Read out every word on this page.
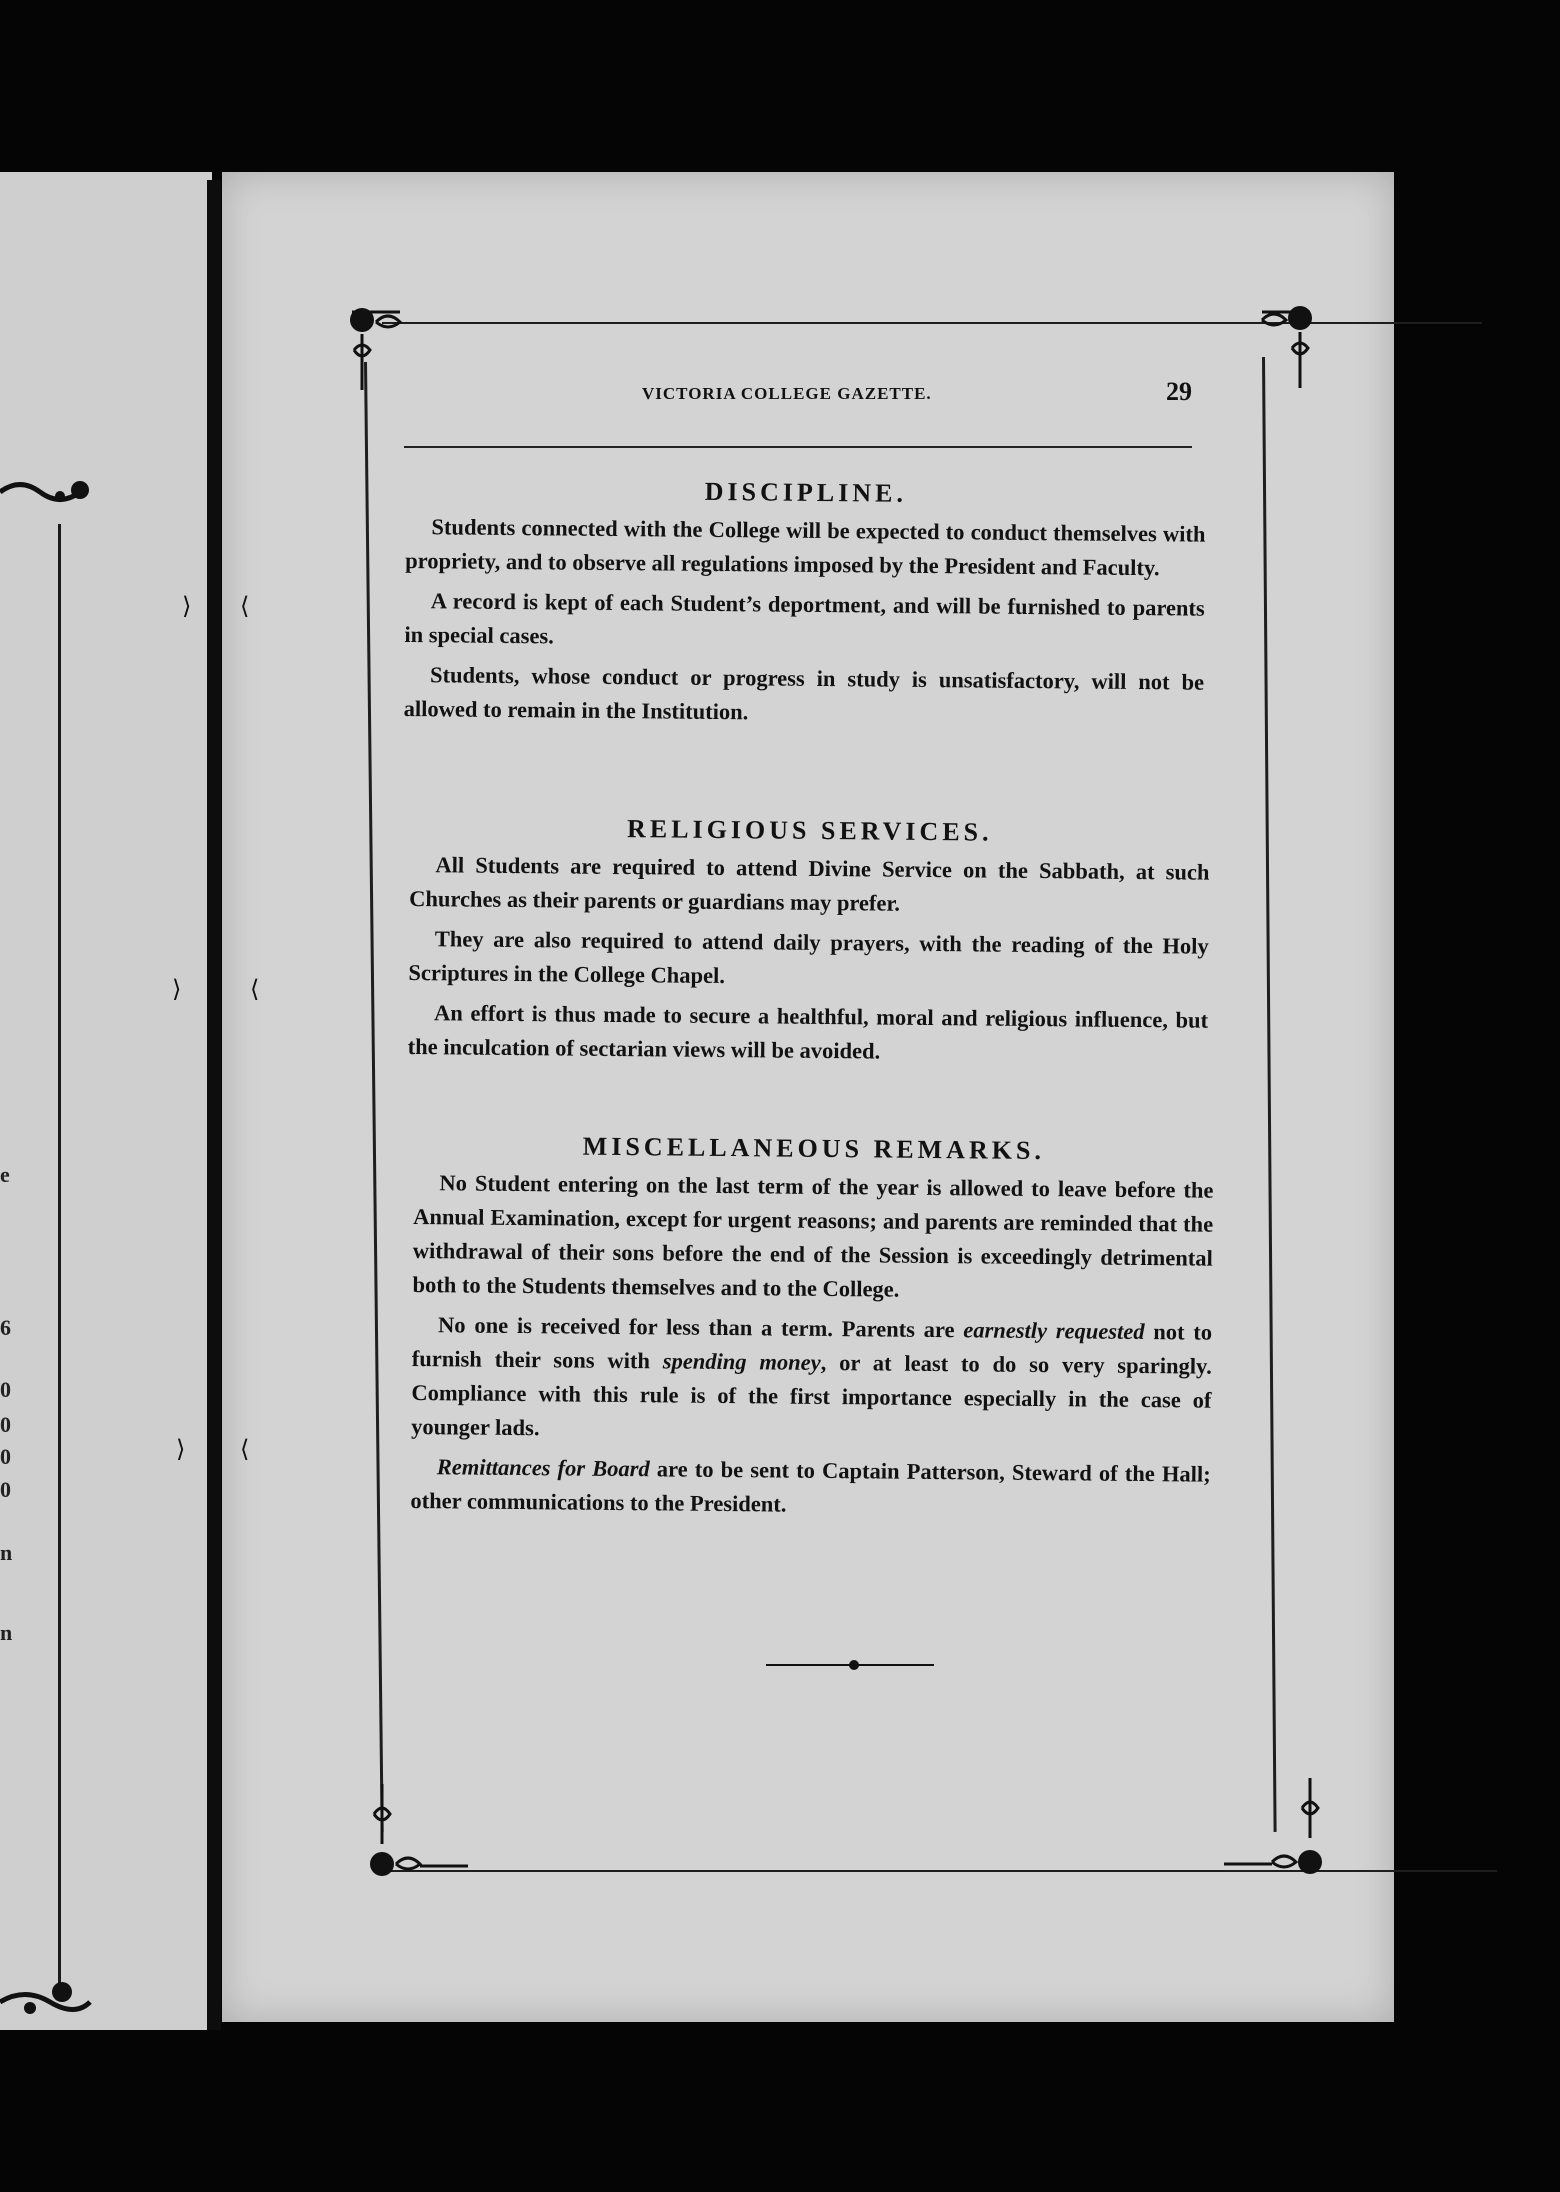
e
6
0
0
0
0
n
n
VICTORIA COLLEGE GAZETTE.	29
DISCIPLINE.

Students connected with the College will be expected to conduct themselves with propriety, and to observe all regulations imposed by the President and Faculty.

A record is kept of each Student’s deportment, and will be furnished to parents in special cases.

Students, whose conduct or progress in study is unsatisfactory, will not be allowed to remain in the Institution.

RELIGIOUS SERVICES.

All Students are required to attend Divine Service on the Sabbath, at such Churches as their parents or guardians may prefer.

They are also required to attend daily prayers, with the reading of the Holy Scriptures in the College Chapel.

An effort is thus made to secure a healthful, moral and religious influence, but the inculcation of sectarian views will be avoided.

MISCELLANEOUS REMARKS.

No Student entering on the last term of the year is allowed to leave before the Annual Examination, except for urgent reasons; and parents are reminded that the withdrawal of their sons before the end of the Session is exceedingly detrimental both to the Students themselves and to the College.

No one is received for less than a term. Parents are earnestly requested not to furnish their sons with spending money, or at least to do so very sparingly. Compliance with this rule is of the first importance especially in the case of younger lads.

Remittances for Board are to be sent to Captain Patterson, Steward of the Hall; other communications to the President.

⟩ ⟨
⟩	⟨
⟩ ⟨
